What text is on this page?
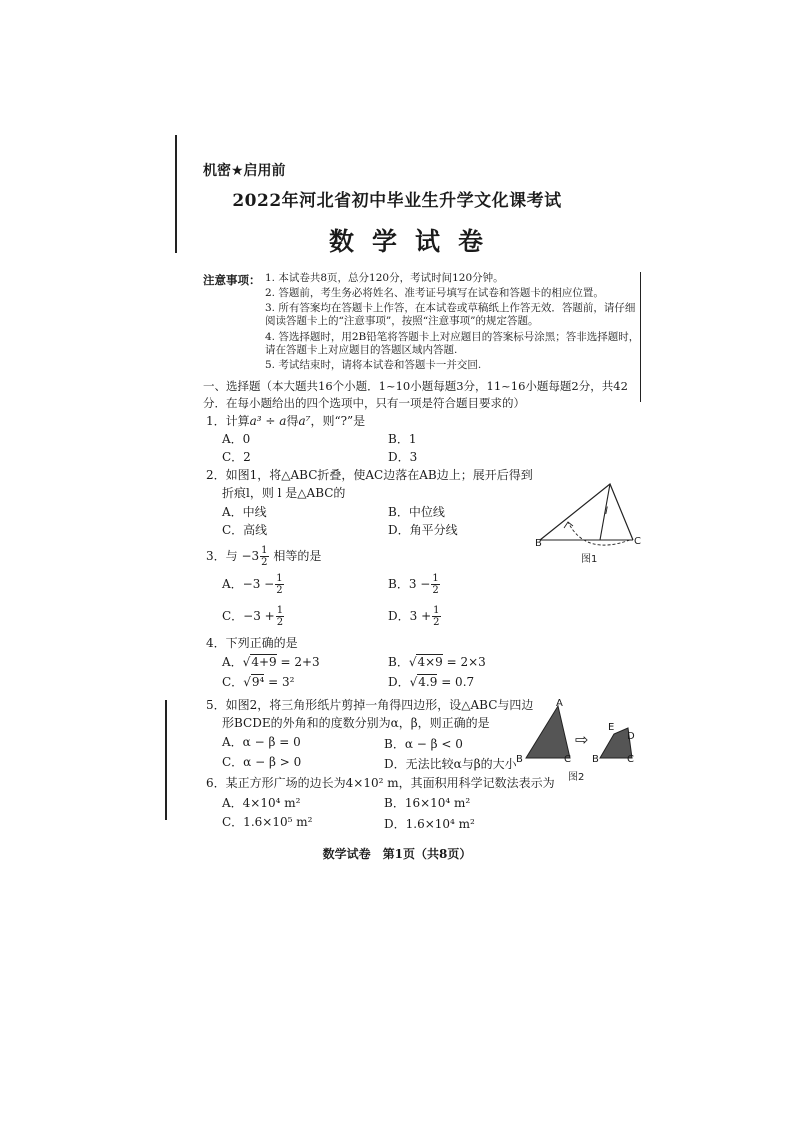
机密★启用前
2022年河北省初中毕业生升学文化课考试
数学试卷
注意事项： 1. 本试卷共8页，总分120分，考试时间120分钟。
2. 答题前，考生务必将姓名、准考证号填写在试卷和答题卡的相应位置。
3. 所有答案均在答题卡上作答，在本试卷或草稿纸上作答无效．答题前，请仔细阅读答题卡上的“注意事项”，按照“注意事项”的规定答题。
4. 答选择题时，用2B铅笔将答题卡上对应题目的答案标号涂黑；答非选择题时，请在答题卡上对应题目的答题区域内答题.
5. 考试结束时，请将本试卷和答题卡一并交回.
一、选择题（本大题共16个小题．1~10小题每题3分，11~16小题每题2分，共42分．在每小题给出的四个选项中，只有一项是符合题目要求的）
1．计算a³ ÷ a得a⁷，则“?”是
A．0	B．1
C．2	D．3
2．如图1，将△ABC折叠，使AC边落在AB边上；展开后得到
折痕l，则 l 是△ABC的
A．中线	B．中位线
C．高线	D．角平分线
B	C
l
图1
3．与 $-3 \frac{1}{2}$ 相等的是
A．$-3 - \frac{1}{2}$	B．$3 - \frac{1}{2}$
C．$-3 + \frac{1}{2}$	D．$3 + \frac{1}{2}$
4．下列正确的是
A．√4+9 = 2+3	B．√4×9 = 2×3
C．√9⁴ = 3²	D．√4.9 = 0.7
5．如图2，将三角形纸片剪掉一角得四边形，设△ABC与四边
形BCDE的外角和的度数分别为α，β，则正确的是
A．α − β = 0	B．α − β < 0
C．α − β > 0	D．无法比较α与β的大小
A
B	C
⇨
E
D
B	C
图2
6．某正方形广场的边长为4×10² m，其面积用科学记数法表示为
A．4×10⁴ m²	B．16×10⁴ m²
C．1.6×10⁵ m²	D．1.6×10⁴ m²
数学试卷　第1页（共8页）
